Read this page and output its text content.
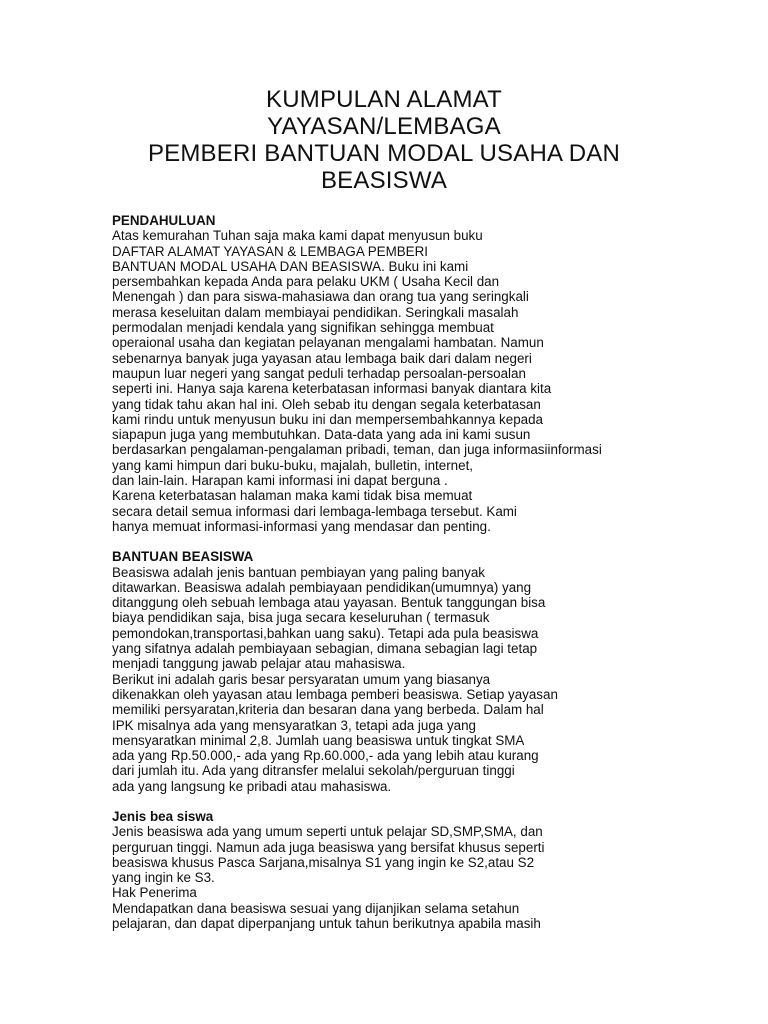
KUMPULAN ALAMAT
YAYASAN/LEMBAGA
PEMBERI BANTUAN MODAL USAHA DAN
BEASISWA
PENDAHULUAN
Atas kemurahan Tuhan saja maka kami dapat menyusun buku
DAFTAR ALAMAT YAYASAN & LEMBAGA PEMBERI
BANTUAN MODAL USAHA DAN BEASISWA. Buku ini kami
persembahkan kepada Anda para pelaku UKM ( Usaha Kecil dan
Menengah ) dan para siswa-mahasiawa dan orang tua yang seringkali
merasa keseluitan dalam membiayai pendidikan. Seringkali masalah
permodalan menjadi kendala yang signifikan sehingga membuat
operaional usaha dan kegiatan pelayanan mengalami hambatan. Namun
sebenarnya banyak juga yayasan atau lembaga baik dari dalam negeri
maupun luar negeri yang sangat peduli terhadap persoalan-persoalan
seperti ini. Hanya saja karena keterbatasan informasi banyak diantara kita
yang tidak tahu akan hal ini. Oleh sebab itu dengan segala keterbatasan
kami rindu untuk menyusun buku ini dan mempersembahkannya kepada
siapapun juga yang membutuhkan. Data-data yang ada ini kami susun
berdasarkan pengalaman-pengalaman pribadi, teman, dan juga informasiinformasi
yang kami himpun dari buku-buku, majalah, bulletin, internet,
dan lain-lain. Harapan kami informasi ini dapat berguna .
Karena keterbatasan halaman maka kami tidak bisa memuat
secara detail semua informasi dari lembaga-lembaga tersebut. Kami
hanya memuat informasi-informasi yang mendasar dan penting.
BANTUAN BEASISWA
Beasiswa adalah jenis bantuan pembiayan yang paling banyak
ditawarkan. Beasiswa adalah pembiayaan pendidikan(umumnya) yang
ditanggung oleh sebuah lembaga atau yayasan. Bentuk tanggungan bisa
biaya pendidikan saja, bisa juga secara keseluruhan ( termasuk
pemondokan,transportasi,bahkan uang saku). Tetapi ada pula beasiswa
yang sifatnya adalah pembiayaan sebagian, dimana sebagian lagi tetap
menjadi tanggung jawab pelajar atau mahasiswa.
Berikut ini adalah garis besar persyaratan umum yang biasanya
dikenakkan oleh yayasan atau lembaga pemberi beasiswa. Setiap yayasan
memiliki persyaratan,kriteria dan besaran dana yang berbeda. Dalam hal
IPK misalnya ada yang mensyaratkan 3, tetapi ada juga yang
mensyaratkan minimal 2,8. Jumlah uang beasiswa untuk tingkat SMA
ada yang Rp.50.000,- ada yang Rp.60.000,- ada yang lebih atau kurang
dari jumlah itu. Ada yang ditransfer melalui sekolah/perguruan tinggi
ada yang langsung ke pribadi atau mahasiswa.
Jenis bea siswa
Jenis beasiswa ada yang umum seperti untuk pelajar SD,SMP,SMA, dan
perguruan tinggi. Namun ada juga beasiswa yang bersifat khusus seperti
beasiswa khusus Pasca Sarjana,misalnya S1 yang ingin ke S2,atau S2
yang ingin ke S3.
Hak Penerima
Mendapatkan dana beasiswa sesuai yang dijanjikan selama setahun
pelajaran, dan dapat diperpanjang untuk tahun berikutnya apabila masih
